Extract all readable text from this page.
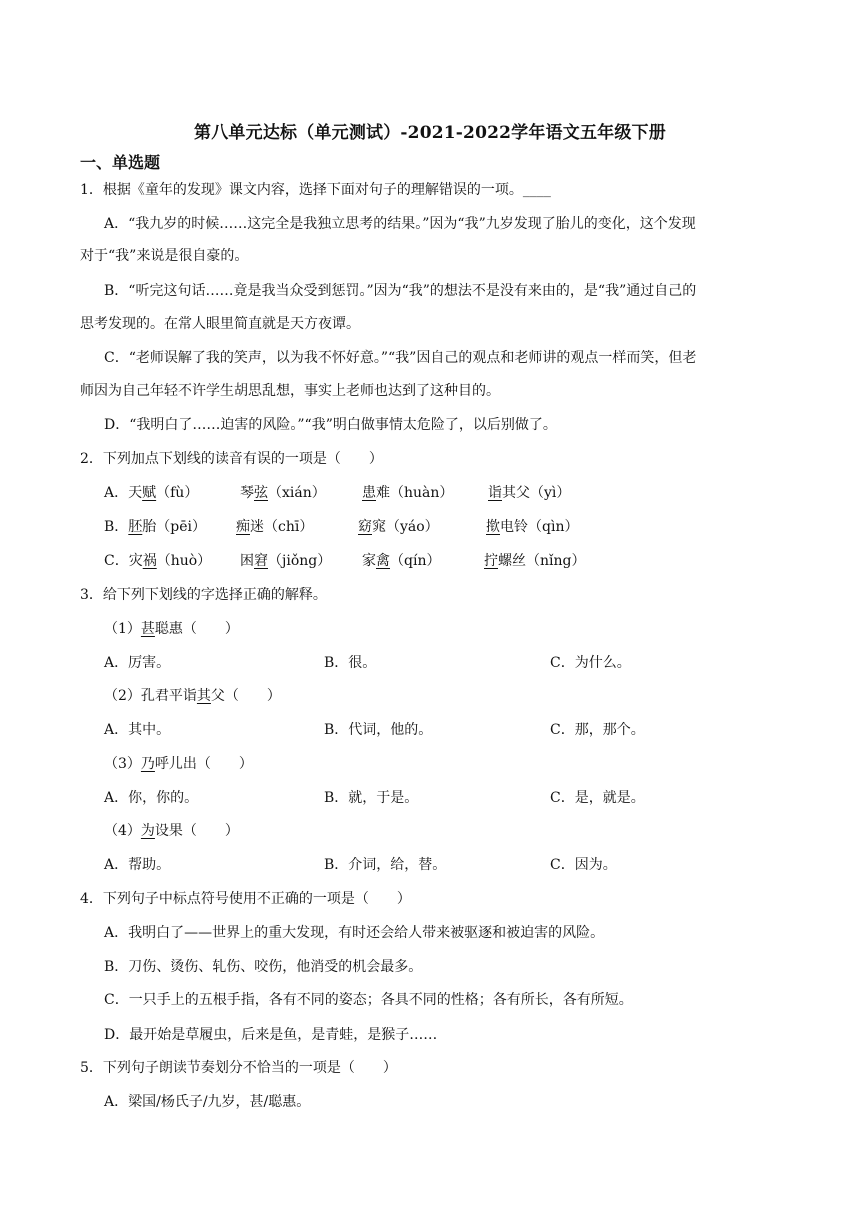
第八单元达标（单元测试）-2021-2022学年语文五年级下册
一、单选题
1．根据《童年的发现》课文内容，选择下面对句子的理解错误的一项。____
A．“我九岁的时候……这完全是我独立思考的结果。”因为“我”九岁发现了胎儿的变化，这个发现
对于“我”来说是很自豪的。
B．“听完这句话……竟是我当众受到惩罚。”因为“我”的想法不是没有来由的，是“我”通过自己的
思考发现的。在常人眼里简直就是天方夜谭。
C．“老师误解了我的笑声，以为我不怀好意。”“我”因自己的观点和老师讲的观点一样而笑，但老
师因为自己年轻不许学生胡思乱想，事实上老师也达到了这种目的。
D．“我明白了……迫害的风险。”“我”明白做事情太危险了，以后别做了。
2．下列加点下划线的读音有误的一项是（　　）
A．天赋（fù）	琴弦（xián）	患难（huàn） 诣其父（yì）
B．胚胎（pēi） 痴迷（chī）	窈窕（yáo）	揿电铃（qìn）
C．灾祸（huò） 困窘（jiǒng） 家禽（qín）	拧螺丝（nǐng）
3．给下列下划线的字选择正确的解释。
（1）甚聪惠（　　）
A．厉害。	B．很。	C．为什么。
（2）孔君平诣其父（　　）
A．其中。	B．代词，他的。	C．那，那个。
（3）乃呼儿出（　　）
A．你，你的。	B．就，于是。	C．是，就是。
（4）为设果（　　）
A．帮助。	B．介词，给，替。	C．因为。
4．下列句子中标点符号使用不正确的一项是（　　）
A．我明白了——世界上的重大发现，有时还会给人带来被驱逐和被迫害的风险。
B．刀伤、烫伤、轧伤、咬伤，他消受的机会最多。
C．一只手上的五根手指，各有不同的姿态；各具不同的性格；各有所长，各有所短。
D．最开始是草履虫，后来是鱼，是青蛙，是猴子……
5．下列句子朗读节奏划分不恰当的一项是（　　）
A．梁国/杨氏子/九岁，甚/聪惠。
